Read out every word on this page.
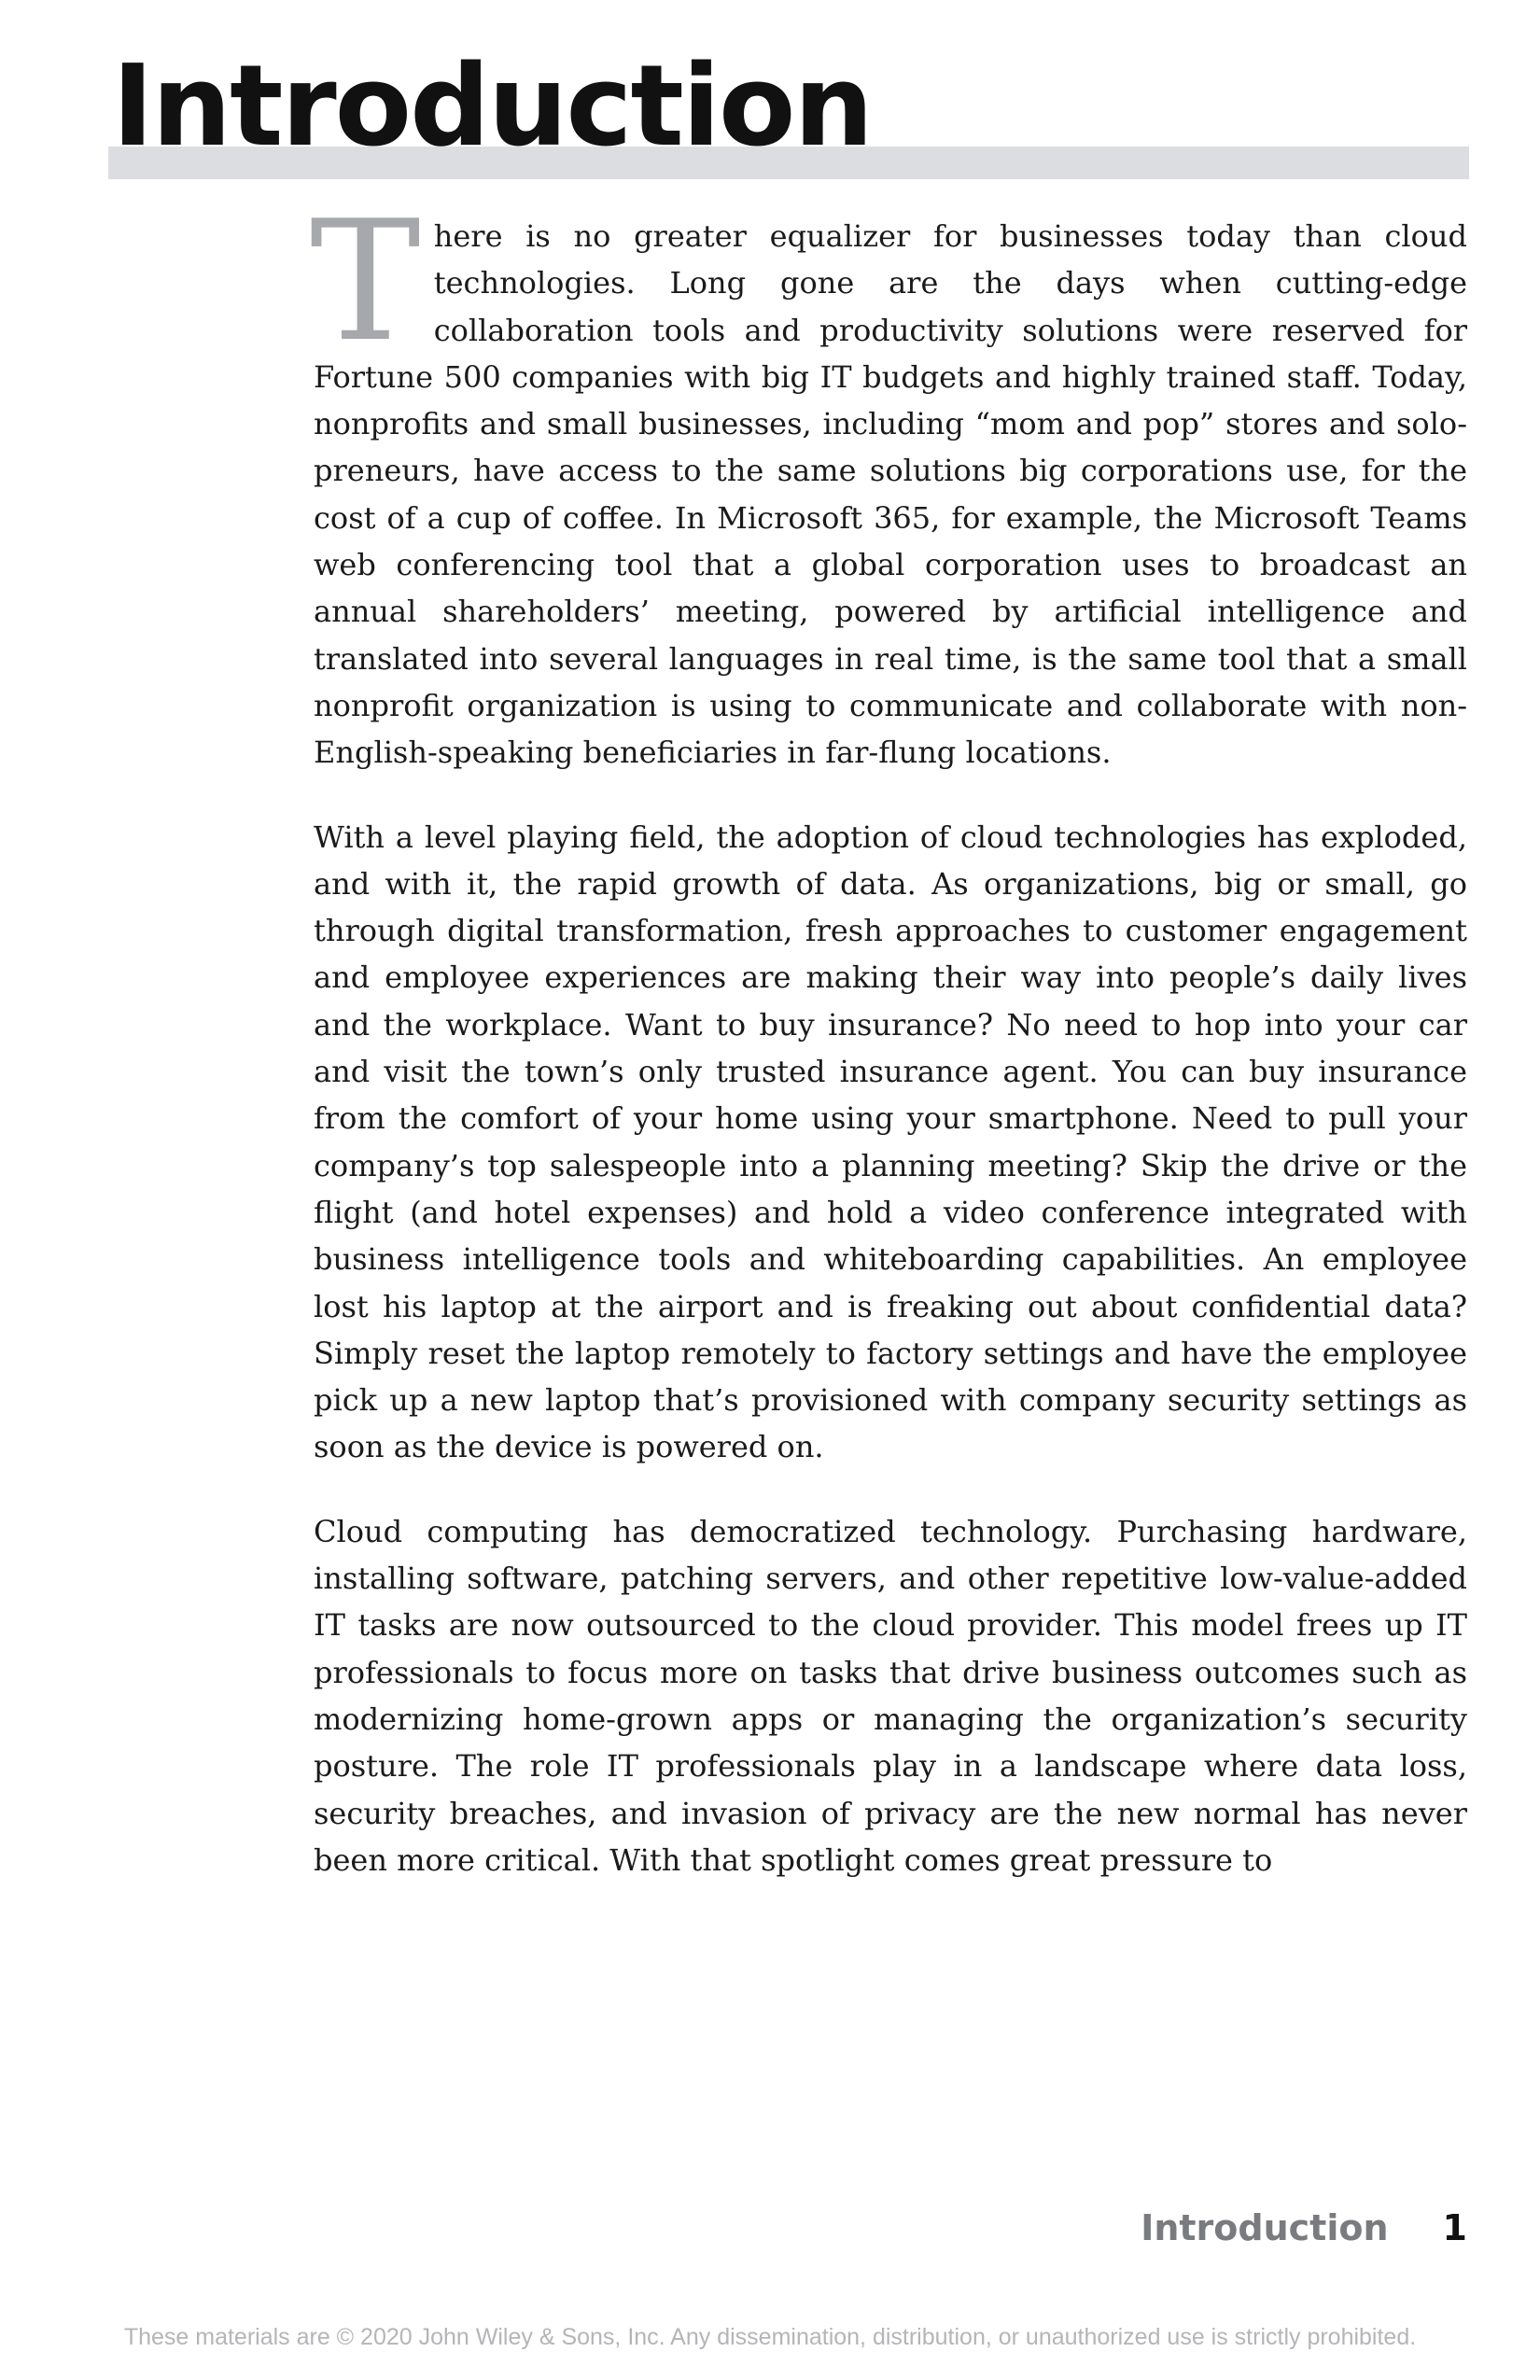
Introduction

T here is no greater equalizer for businesses today than cloud technologies. Long gone are the days when cutting-edge collaboration tools and productivity solutions were reserved for Fortune 500 companies with big IT budgets and highly trained staff. Today, nonprofits and small businesses, including “mom and pop” stores and solo-preneurs, have access to the same solutions big corporations use, for the cost of a cup of coffee. In Microsoft 365, for example, the Microsoft Teams web conferencing tool that a global corporation uses to broadcast an annual shareholders’ meeting, powered by artificial intelligence and translated into several languages in real time, is the same tool that a small nonprofit organization is using to communicate and collaborate with non-English-speaking beneficiaries in far-flung locations.

With a level playing field, the adoption of cloud technologies has exploded, and with it, the rapid growth of data. As organizations, big or small, go through digital transformation, fresh approaches to customer engagement and employee experiences are making their way into people’s daily lives and the workplace. Want to buy insurance? No need to hop into your car and visit the town’s only trusted insurance agent. You can buy insurance from the comfort of your home using your smartphone. Need to pull your company’s top salespeople into a planning meeting? Skip the drive or the flight (and hotel expenses) and hold a video conference integrated with business intelligence tools and whiteboarding capabilities. An employee lost his laptop at the airport and is freaking out about confidential data? Simply reset the laptop remotely to factory settings and have the employee pick up a new laptop that’s provisioned with company security settings as soon as the device is powered on.

Cloud computing has democratized technology. Purchasing hardware, installing software, patching servers, and other repetitive low-value-added IT tasks are now outsourced to the cloud provider. This model frees up IT professionals to focus more on tasks that drive business outcomes such as modernizing home-grown apps or managing the organization’s security posture. The role IT professionals play in a landscape where data loss, security breaches, and invasion of privacy are the new normal has never been more critical. With that spotlight comes great pressure to

Introduction 1
These materials are © 2020 John Wiley & Sons, Inc. Any dissemination, distribution, or unauthorized use is strictly prohibited.
